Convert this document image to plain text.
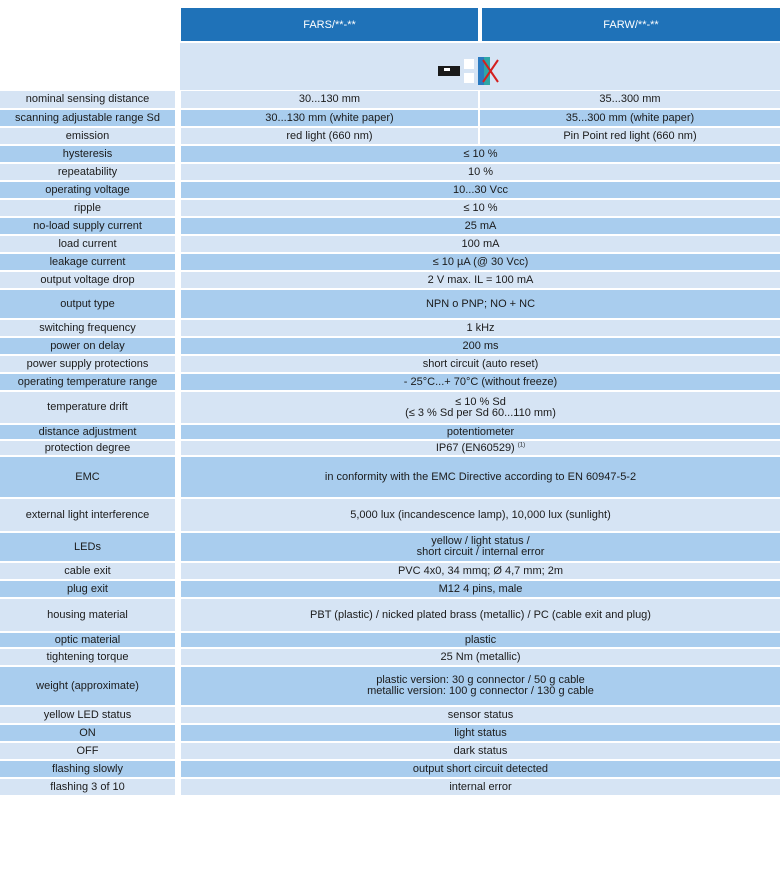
FARS/**-**	FARW/**-**
nominal sensing distance	30...130 mm	35...300 mm
scanning adjustable range Sd	30...130 mm (white paper)	35...300 mm (white paper)
emission	red light (660 nm)	Pin Point red light (660 nm)
hysteresis	≤ 10 %	
repeatability	10 %	
operating voltage	10...30 Vcc	
ripple	≤ 10 %	
no-load supply current	25 mA	
load current	100 mA	
leakage current	≤ 10 µA (@ 30 Vcc)	
output voltage drop	2 V max. IL = 100 mA	
output type	NPN o PNP; NO + NC	
switching frequency	1 kHz	
power on delay	200 ms	
power supply protections	short circuit (auto reset)	
operating temperature range	- 25°C...+ 70°C (without freeze)	
temperature drift	≤ 10 % Sd
(≤ 3 % Sd per Sd 60...110 mm)	
distance adjustment	potentiometer	
protection degree	IP67 (EN60529) $^{(1)}$
EMC	in conformity with the EMC Directive according to EN 60947-5-2	
external light interference	5,000 lux (incandescence lamp), 10,000 lux (sunlight)	
LEDs	yellow / light status /
short circuit / internal error	
cable exit	PVC 4x0, 34 mmq; Ø 4,7 mm; 2m	
plug exit	M12 4 pins, male	
housing material	PBT (plastic) / nicked plated brass (metallic) / PC (cable exit and plug)	
optic material	plastic	
tightening torque	25 Nm (metallic)	
weight (approximate)	plastic version: 30 g connector / 50 g cable
metallic version: 100 g connector / 130 g cable	
yellow LED status	sensor status	
ON	light status	
OFF	dark status	
flashing slowly	output short circuit detected	
flashing 3 of 10	internal error	
